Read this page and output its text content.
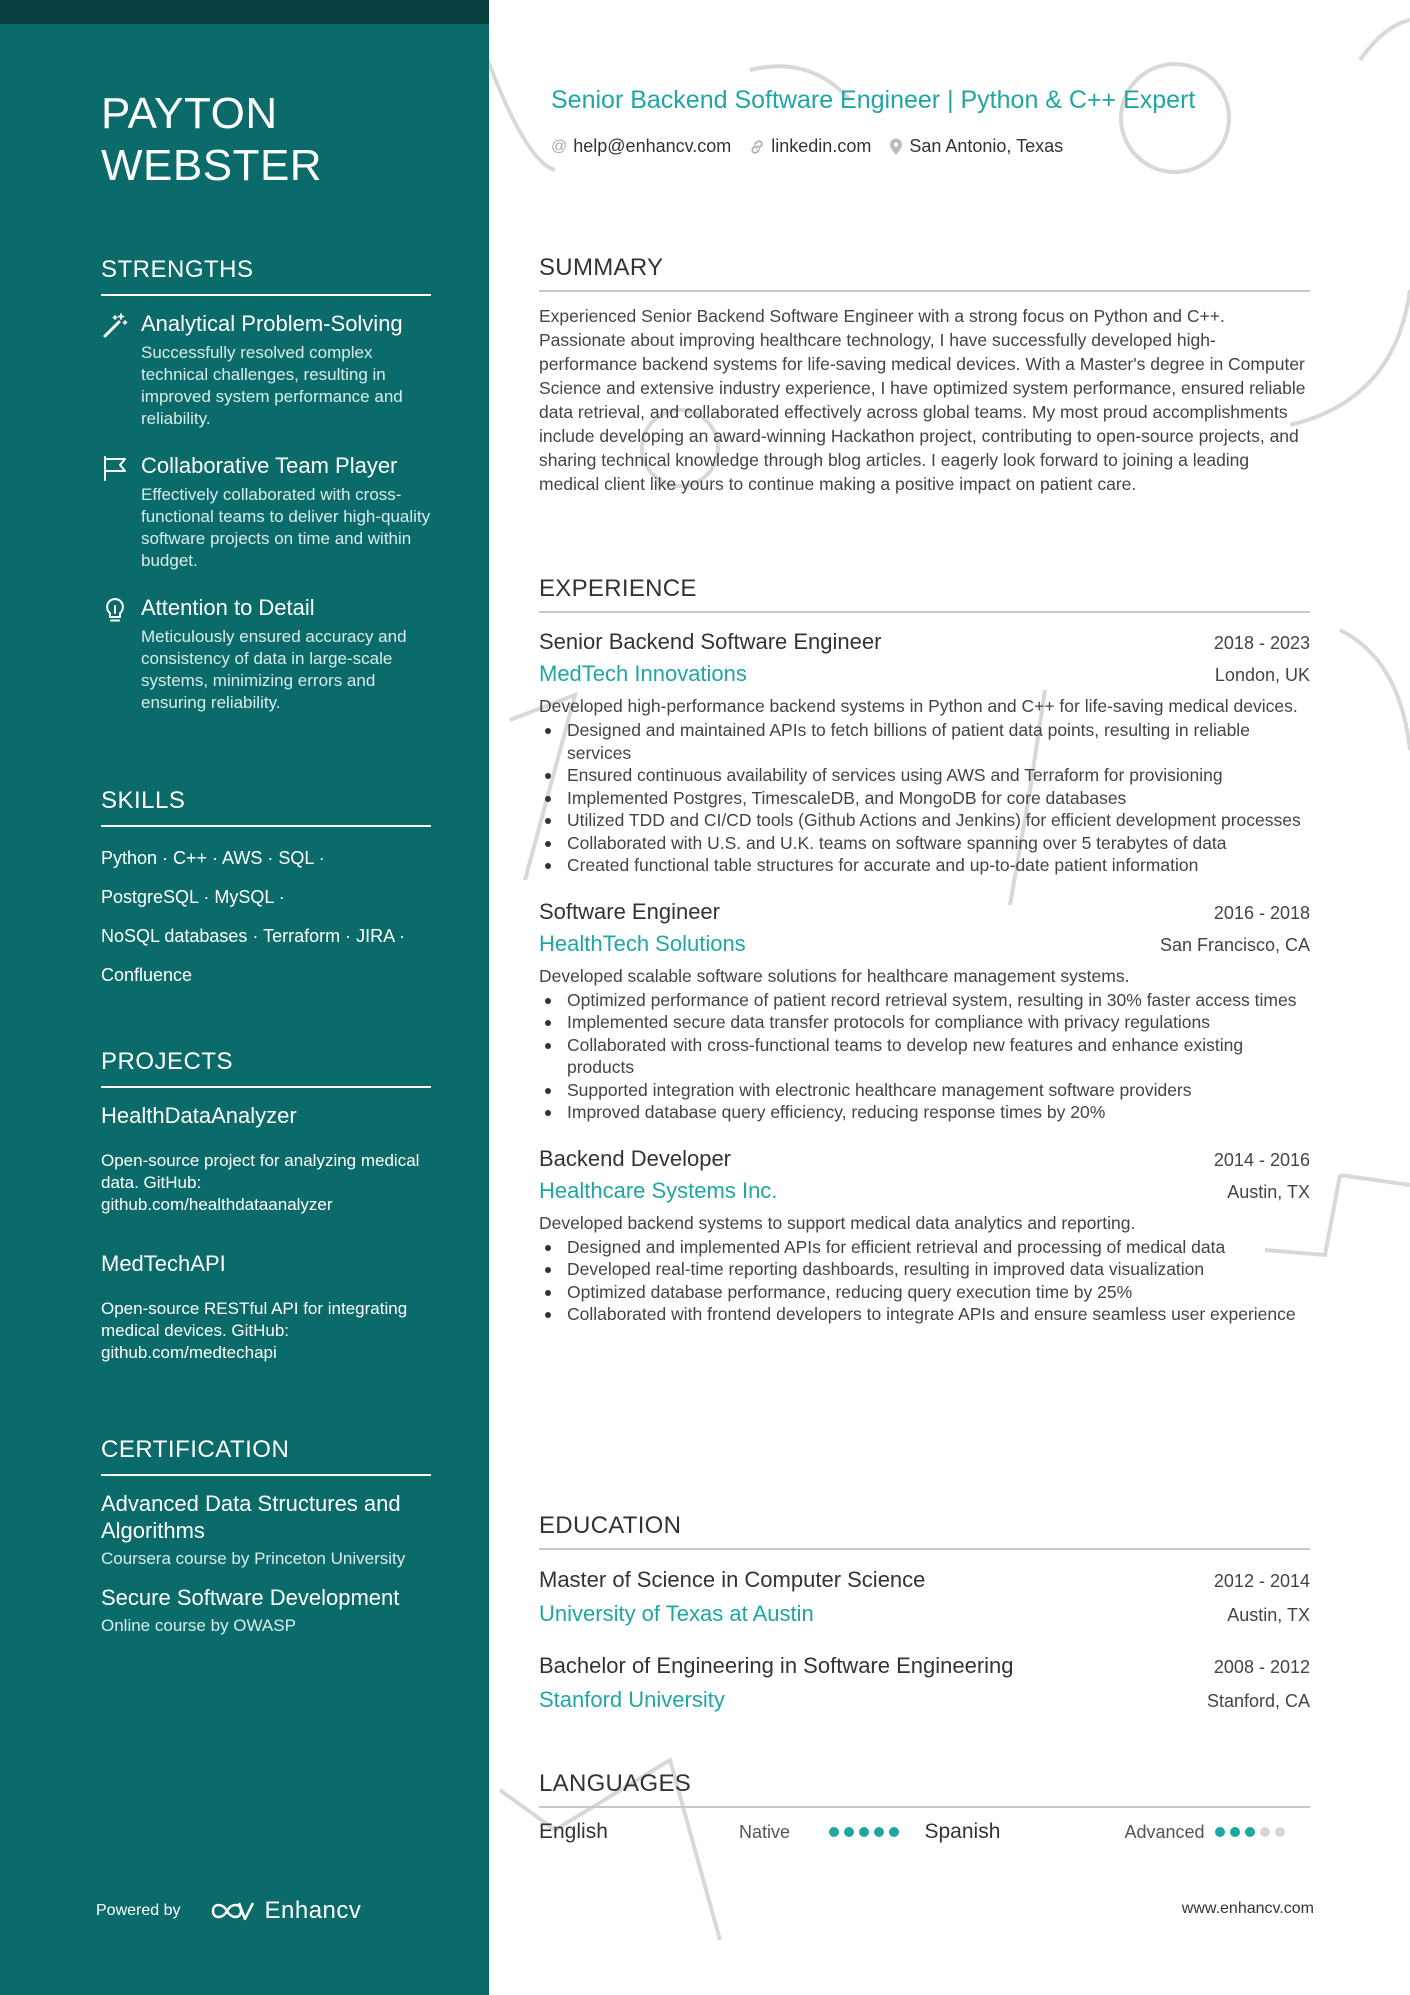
PAYTON
WEBSTER
STRENGTHS
Analytical Problem-Solving
Successfully resolved complex technical challenges, resulting in improved system performance and reliability.
Collaborative Team Player
Effectively collaborated with cross-functional teams to deliver high-quality software projects on time and within budget.
Attention to Detail
Meticulously ensured accuracy and consistency of data in large-scale systems, minimizing errors and ensuring reliability.
SKILLS
Python · C++ · AWS · SQL ·
PostgreSQL · MySQL ·
NoSQL databases · Terraform · JIRA ·
Confluence
PROJECTS
HealthDataAnalyzer
Open-source project for analyzing medical data. GitHub: github.com/healthdataanalyzer
MedTechAPI
Open-source RESTful API for integrating medical devices. GitHub: github.com/medtechapi
CERTIFICATION
Advanced Data Structures and Algorithms
Coursera course by Princeton University
Secure Software Development
Online course by OWASP
Powered by	Enhancv
Senior Backend Software Engineer | Python & C++ Expert
@ help@enhancv.com linkedin.com San Antonio, Texas
SUMMARY

Experienced Senior Backend Software Engineer with a strong focus on Python and C++. Passionate about improving healthcare technology, I have successfully developed high-performance backend systems for life-saving medical devices. With a Master's degree in Computer Science and extensive industry experience, I have optimized system performance, ensured reliable data retrieval, and collaborated effectively across global teams. My most proud accomplishments include developing an award-winning Hackathon project, contributing to open-source projects, and sharing technical knowledge through blog articles. I eagerly look forward to joining a leading medical client like yours to continue making a positive impact on patient care.

EXPERIENCE
Senior Backend Software Engineer	2018 - 2023
MedTech Innovations	London, UK
Developed high-performance backend systems in Python and C++ for life-saving medical devices.
Designed and maintained APIs to fetch billions of patient data points, resulting in reliable services
Ensured continuous availability of services using AWS and Terraform for provisioning
Implemented Postgres, TimescaleDB, and MongoDB for core databases
Utilized TDD and CI/CD tools (Github Actions and Jenkins) for efficient development processes
Collaborated with U.S. and U.K. teams on software spanning over 5 terabytes of data
Created functional table structures for accurate and up-to-date patient information
Software Engineer	2016 - 2018
HealthTech Solutions	San Francisco, CA
Developed scalable software solutions for healthcare management systems.
Optimized performance of patient record retrieval system, resulting in 30% faster access times
Implemented secure data transfer protocols for compliance with privacy regulations
Collaborated with cross-functional teams to develop new features and enhance existing products
Supported integration with electronic healthcare management software providers
Improved database query efficiency, reducing response times by 20%
Backend Developer	2014 - 2016
Healthcare Systems Inc.	Austin, TX
Developed backend systems to support medical data analytics and reporting.
Designed and implemented APIs for efficient retrieval and processing of medical data
Developed real-time reporting dashboards, resulting in improved data visualization
Optimized database performance, reducing query execution time by 25%
Collaborated with frontend developers to integrate APIs and ensure seamless user experience
EDUCATION
Master of Science in Computer Science	2012 - 2014
University of Texas at Austin	Austin, TX
Bachelor of Engineering in Software Engineering	2008 - 2012
Stanford University	Stanford, CA
LANGUAGES
English	Native	Spanish	Advanced
www.enhancv.com
